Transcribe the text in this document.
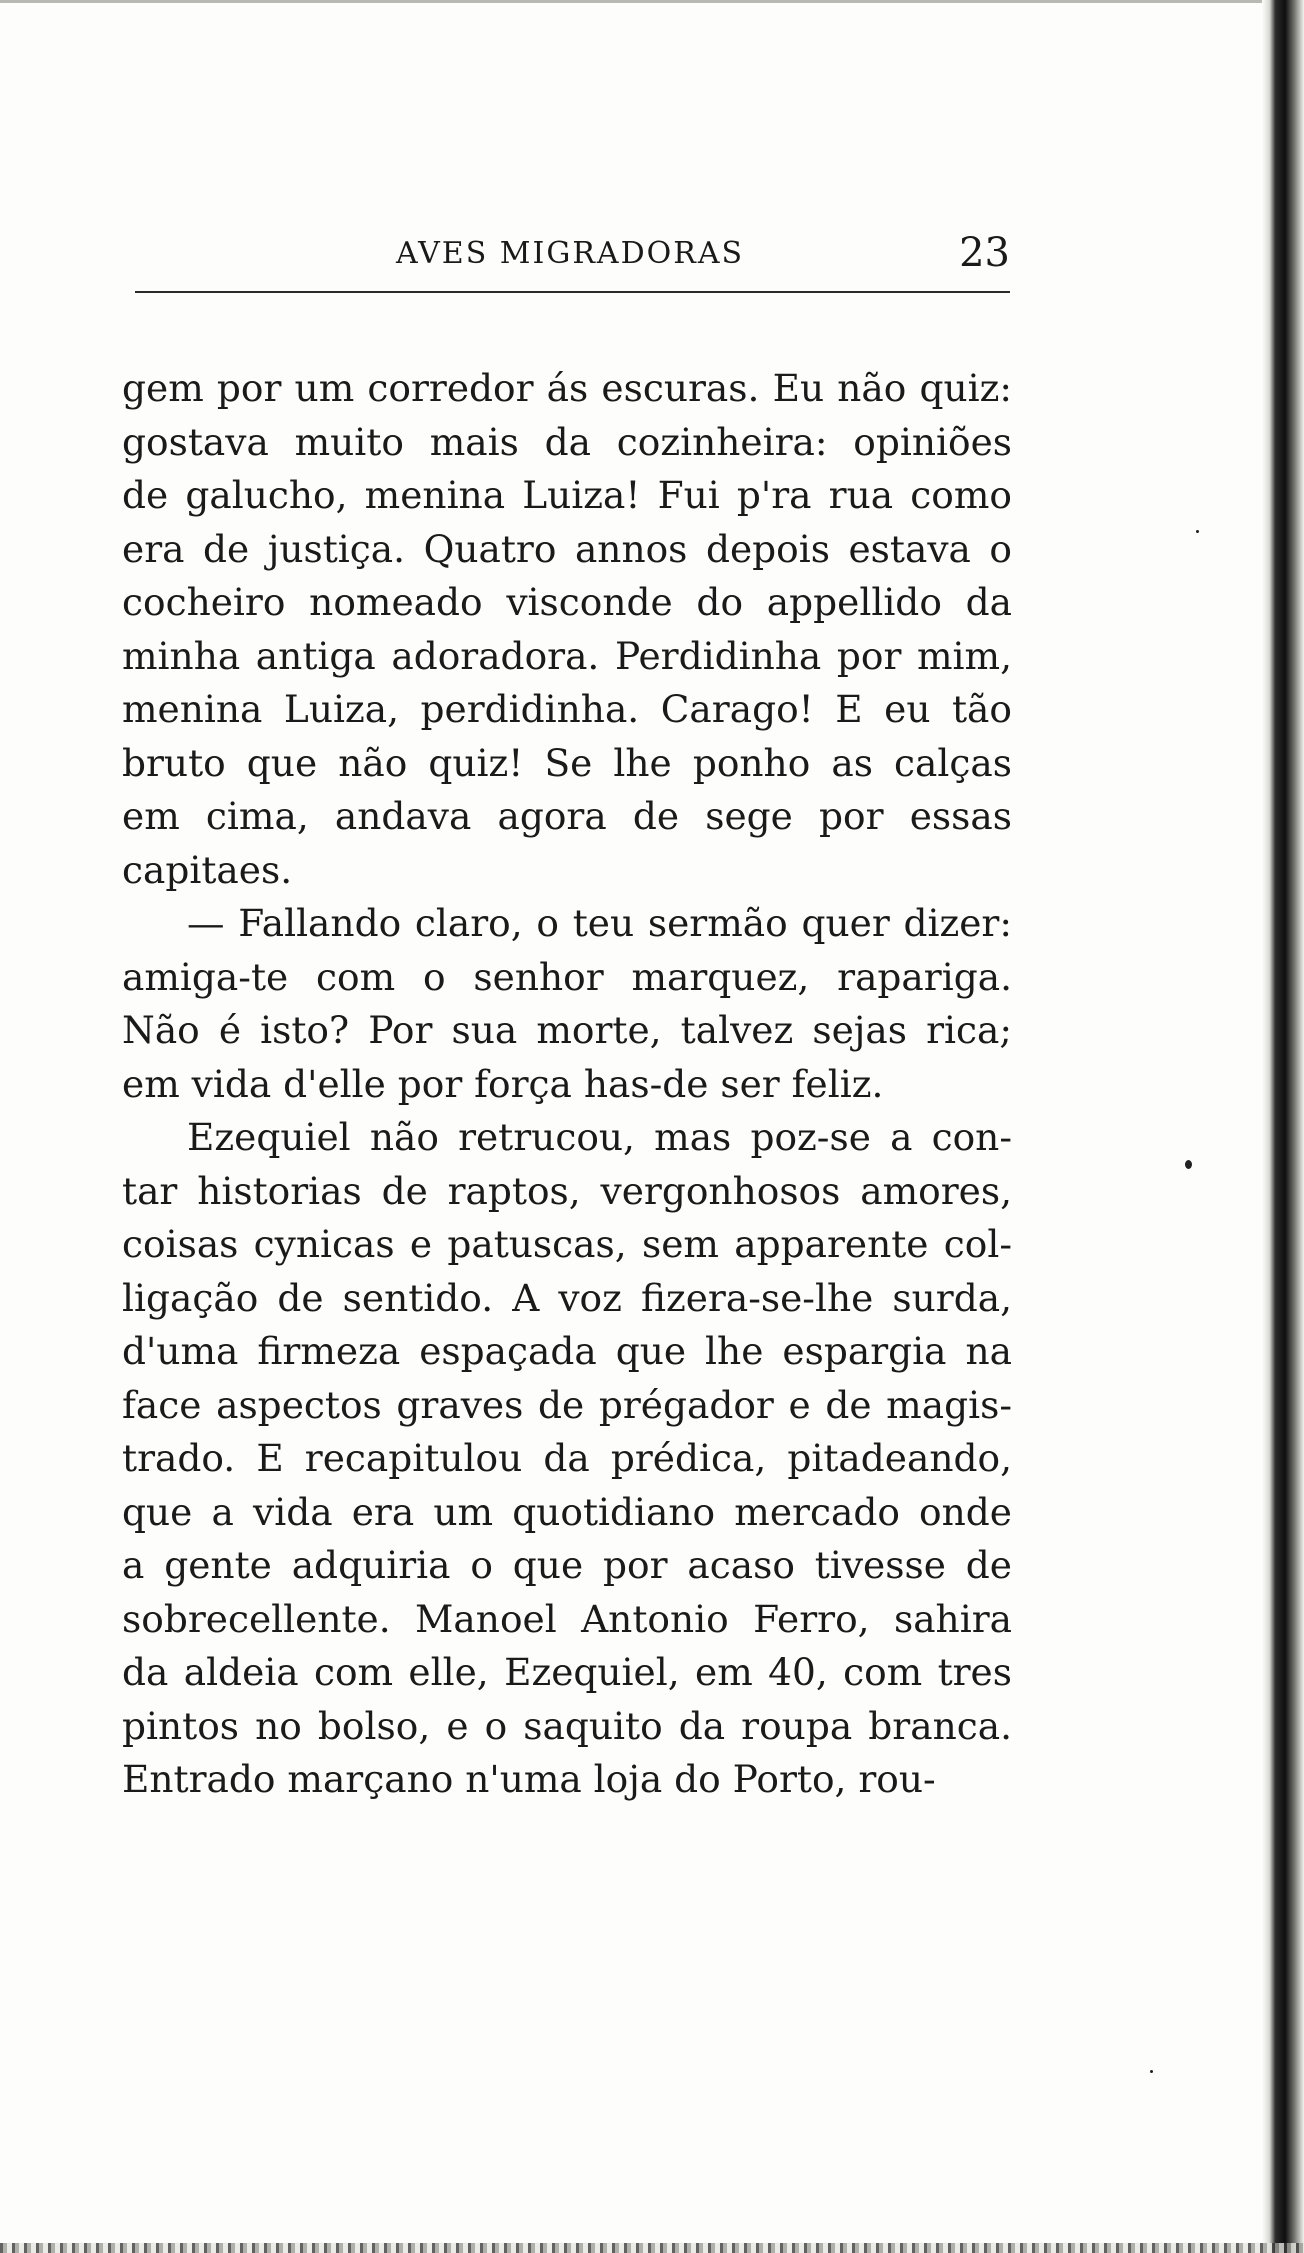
AVES MIGRADORAS	23

gem por um corredor ás escuras. Eu não quiz:
gostava muito mais da cozinheira: opiniões
de galucho, menina Luiza! Fui p'ra rua como
era de justiça. Quatro annos depois estava o
cocheiro nomeado visconde do appellido da
minha antiga adoradora. Perdidinha por mim,
menina Luiza, perdidinha. Carago! E eu tão
bruto que não quiz! Se lhe ponho as calças
em cima, andava agora de sege por essas
capitaes.

— Fallando claro, o teu sermão quer dizer:
amiga-te com o senhor marquez, rapariga.
Não é isto? Por sua morte, talvez sejas rica;
em vida d'elle por força has-de ser feliz.

Ezequiel não retrucou, mas poz-se a con-
tar historias de raptos, vergonhosos amores,
coisas cynicas e patuscas, sem apparente col-
ligação de sentido. A voz fizera-se-lhe surda,
d'uma firmeza espaçada que lhe espargia na
face aspectos graves de prégador e de magis-
trado. E recapitulou da prédica, pitadeando,
que a vida era um quotidiano mercado onde
a gente adquiria o que por acaso tivesse de
sobrecellente. Manoel Antonio Ferro, sahira
da aldeia com elle, Ezequiel, em 40, com tres
pintos no bolso, e o saquito da roupa branca.
Entrado marçano n'uma loja do Porto, rou-
